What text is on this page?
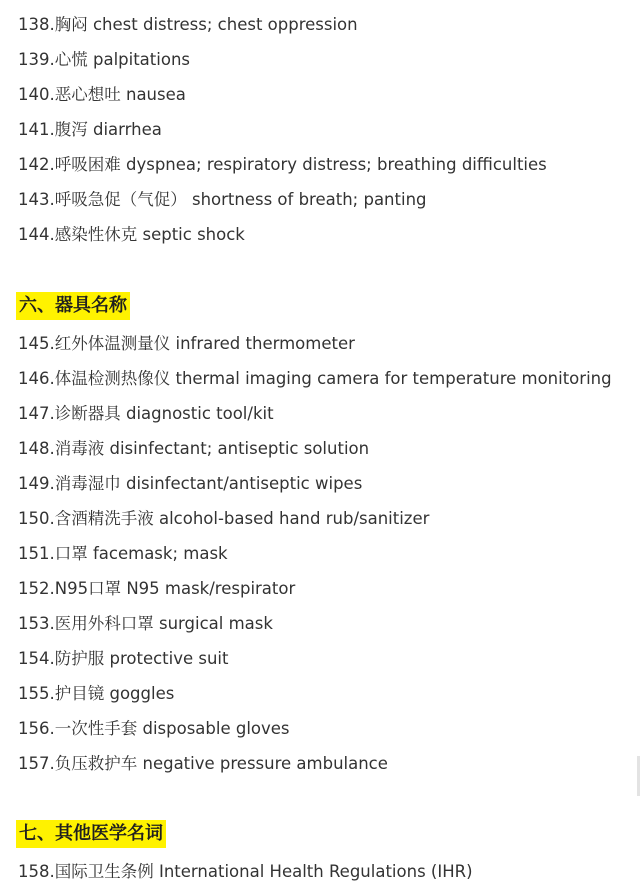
138.胸闷 chest distress; chest oppression
139.心慌 palpitations
140.恶心想吐 nausea
141.腹泻 diarrhea
142.呼吸困难 dyspnea; respiratory distress; breathing difficulties
143.呼吸急促（气促） shortness of breath; panting
144.感染性休克 septic shock
六、器具名称
145.红外体温测量仪 infrared thermometer
146.体温检测热像仪 thermal imaging camera for temperature monitoring
147.诊断器具 diagnostic tool/kit
148.消毒液 disinfectant; antiseptic solution
149.消毒湿巾 disinfectant/antiseptic wipes
150.含酒精洗手液 alcohol-based hand rub/sanitizer
151.口罩 facemask; mask
152.N95口罩 N95 mask/respirator
153.医用外科口罩 surgical mask
154.防护服 protective suit
155.护目镜 goggles
156.一次性手套 disposable gloves
157.负压救护车 negative pressure ambulance
七、其他医学名词
158.国际卫生条例 International Health Regulations (IHR)
